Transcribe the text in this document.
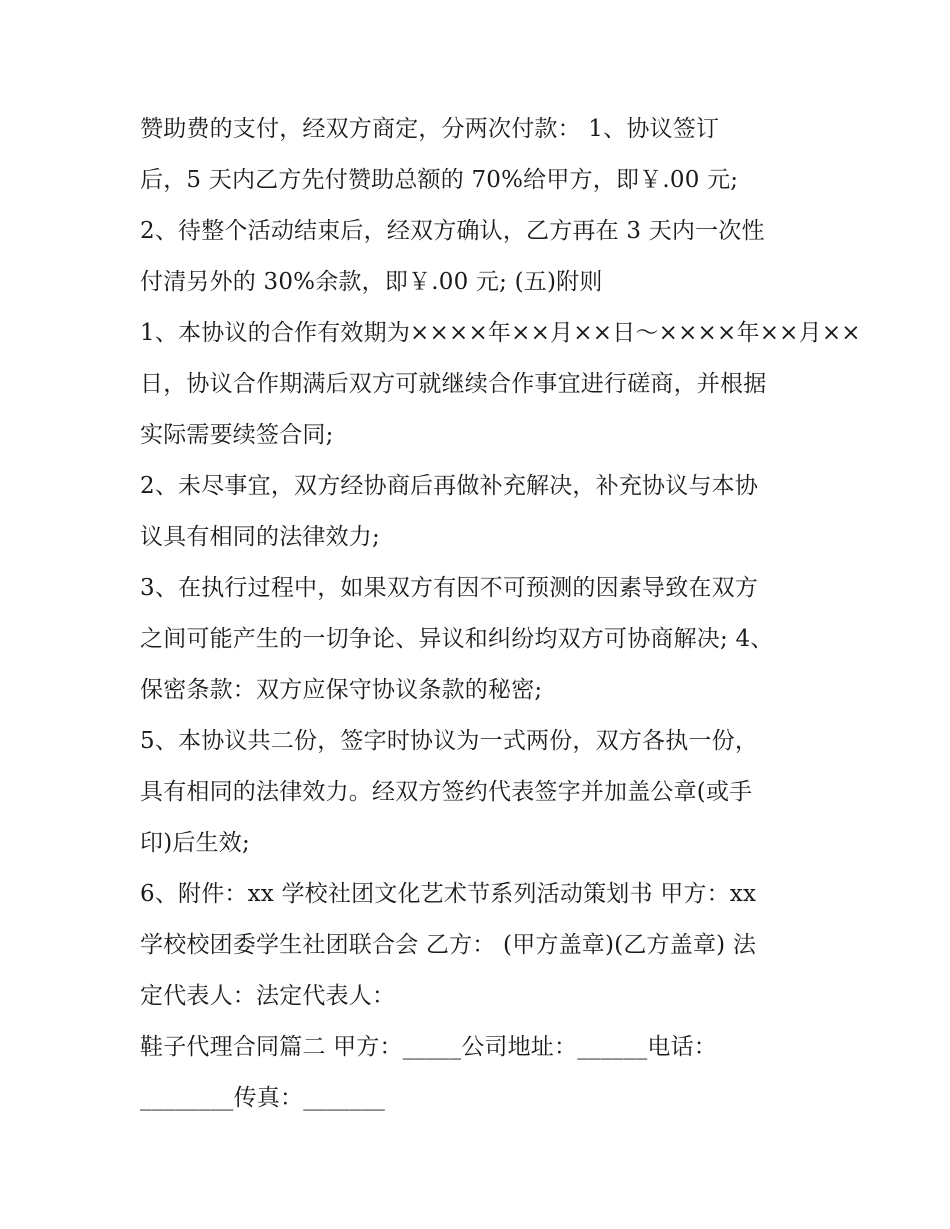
赞助费的支付，经双方商定，分两次付款： 1、协议签订
后，5 天内乙方先付赞助总额的 70%给甲方，即￥.00 元;
2、待整个活动结束后，经双方确认，乙方再在 3 天内一次性
付清另外的 30%余款，即￥.00 元; (五)附则
1、本协议的合作有效期为××××年××月××日～××××年××月××
日，协议合作期满后双方可就继续合作事宜进行磋商，并根据
实际需要续签合同;
2、未尽事宜，双方经协商后再做补充解决，补充协议与本协
议具有相同的法律效力;
3、在执行过程中，如果双方有因不可预测的因素导致在双方
之间可能产生的一切争论、异议和纠纷均双方可协商解决; 4、
保密条款：双方应保守协议条款的秘密;
5、本协议共二份，签字时协议为一式两份，双方各执一份，
具有相同的法律效力。经双方签约代表签字并加盖公章(或手
印)后生效;
6、附件：xx 学校社团文化艺术节系列活动策划书 甲方：xx
学校校团委学生社团联合会 乙方： (甲方盖章)(乙方盖章) 法
定代表人：法定代表人：
鞋子代理合同篇二 甲方：_____公司地址：______电话：
________传真：_______
